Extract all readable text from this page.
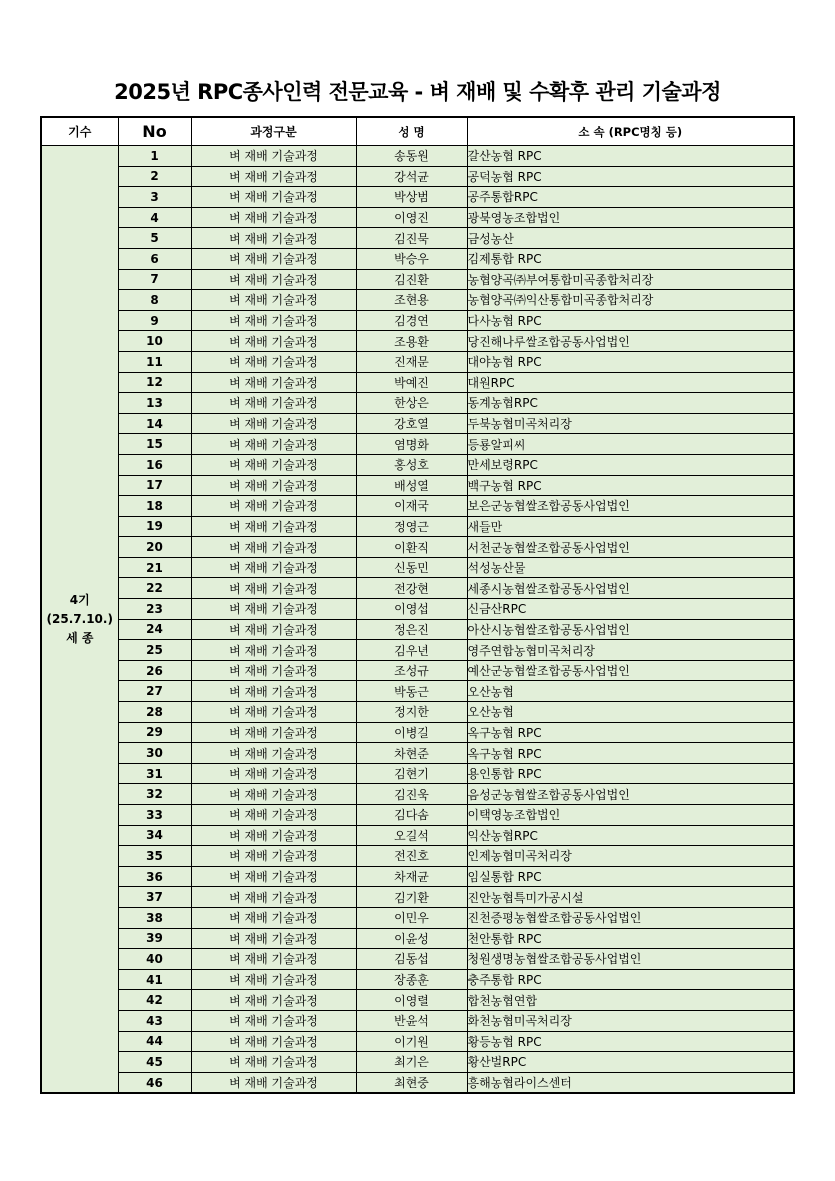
2025년 RPC종사인력 전문교육 - 벼 재배 및 수확후 관리 기술과정
기수	No	과정구분	성 명	소 속 (RPC명칭 등)

4기
(25.7.10.)
세 종	1	벼 재배 기술과정	송동원	갈산농협 RPC
	2	벼 재배 기술과정	강석균	공덕농협 RPC
	3	벼 재배 기술과정	박상범	공주통합RPC
	4	벼 재배 기술과정	이영진	광북영농조합법인
	5	벼 재배 기술과정	김진묵	금성농산
	6	벼 재배 기술과정	박승우	김제통합 RPC
	7	벼 재배 기술과정	김진환	농협양곡㈜부여통합미곡종합처리장
	8	벼 재배 기술과정	조현용	농협양곡㈜익산통합미곡종합처리장
	9	벼 재배 기술과정	김경연	다사농협 RPC
	10	벼 재배 기술과정	조용환	당진해나루쌀조합공동사업법인
	11	벼 재배 기술과정	진재문	대야농협 RPC
	12	벼 재배 기술과정	박예진	대원RPC
	13	벼 재배 기술과정	한상은	동계농협RPC
	14	벼 재배 기술과정	강호열	두북농협미곡처리장
	15	벼 재배 기술과정	염명화	등룡알피씨
	16	벼 재배 기술과정	홍성호	만세보령RPC
	17	벼 재배 기술과정	배성열	백구농협 RPC
	18	벼 재배 기술과정	이재국	보은군농협쌀조합공동사업법인
	19	벼 재배 기술과정	정영근	새들만
	20	벼 재배 기술과정	이환직	서천군농협쌀조합공동사업법인
	21	벼 재배 기술과정	신동민	석성농산물
	22	벼 재배 기술과정	전강현	세종시농협쌀조합공동사업법인
	23	벼 재배 기술과정	이영섭	신금산RPC
	24	벼 재배 기술과정	정은진	아산시농협쌀조합공동사업법인
	25	벼 재배 기술과정	김우년	영주연합농협미곡처리장
	26	벼 재배 기술과정	조성규	예산군농협쌀조합공동사업법인
	27	벼 재배 기술과정	박동근	오산농협
	28	벼 재배 기술과정	정지한	오산농협
	29	벼 재배 기술과정	이병길	옥구농협 RPC
	30	벼 재배 기술과정	차현준	옥구농협 RPC
	31	벼 재배 기술과정	김현기	용인통합 RPC
	32	벼 재배 기술과정	김진욱	음성군농협쌀조합공동사업법인
	33	벼 재배 기술과정	김다솜	이택영농조합법인
	34	벼 재배 기술과정	오길석	익산농협RPC
	35	벼 재배 기술과정	전진호	인제농협미곡처리장
	36	벼 재배 기술과정	차재균	임실통합 RPC
	37	벼 재배 기술과정	김기환	진안농협특미가공시설
	38	벼 재배 기술과정	이민우	진천증평농협쌀조합공동사업법인
	39	벼 재배 기술과정	이윤성	천안통합 RPC
	40	벼 재배 기술과정	김동섭	청원생명농협쌀조합공동사업법인
	41	벼 재배 기술과정	장종훈	충주통합 RPC
	42	벼 재배 기술과정	이영렬	합천농협연합
	43	벼 재배 기술과정	반윤석	화천농협미곡처리장
	44	벼 재배 기술과정	이기원	황등농협 RPC
	45	벼 재배 기술과정	최기은	황산벌RPC
	46	벼 재배 기술과정	최현중	흥해농협라이스센터
